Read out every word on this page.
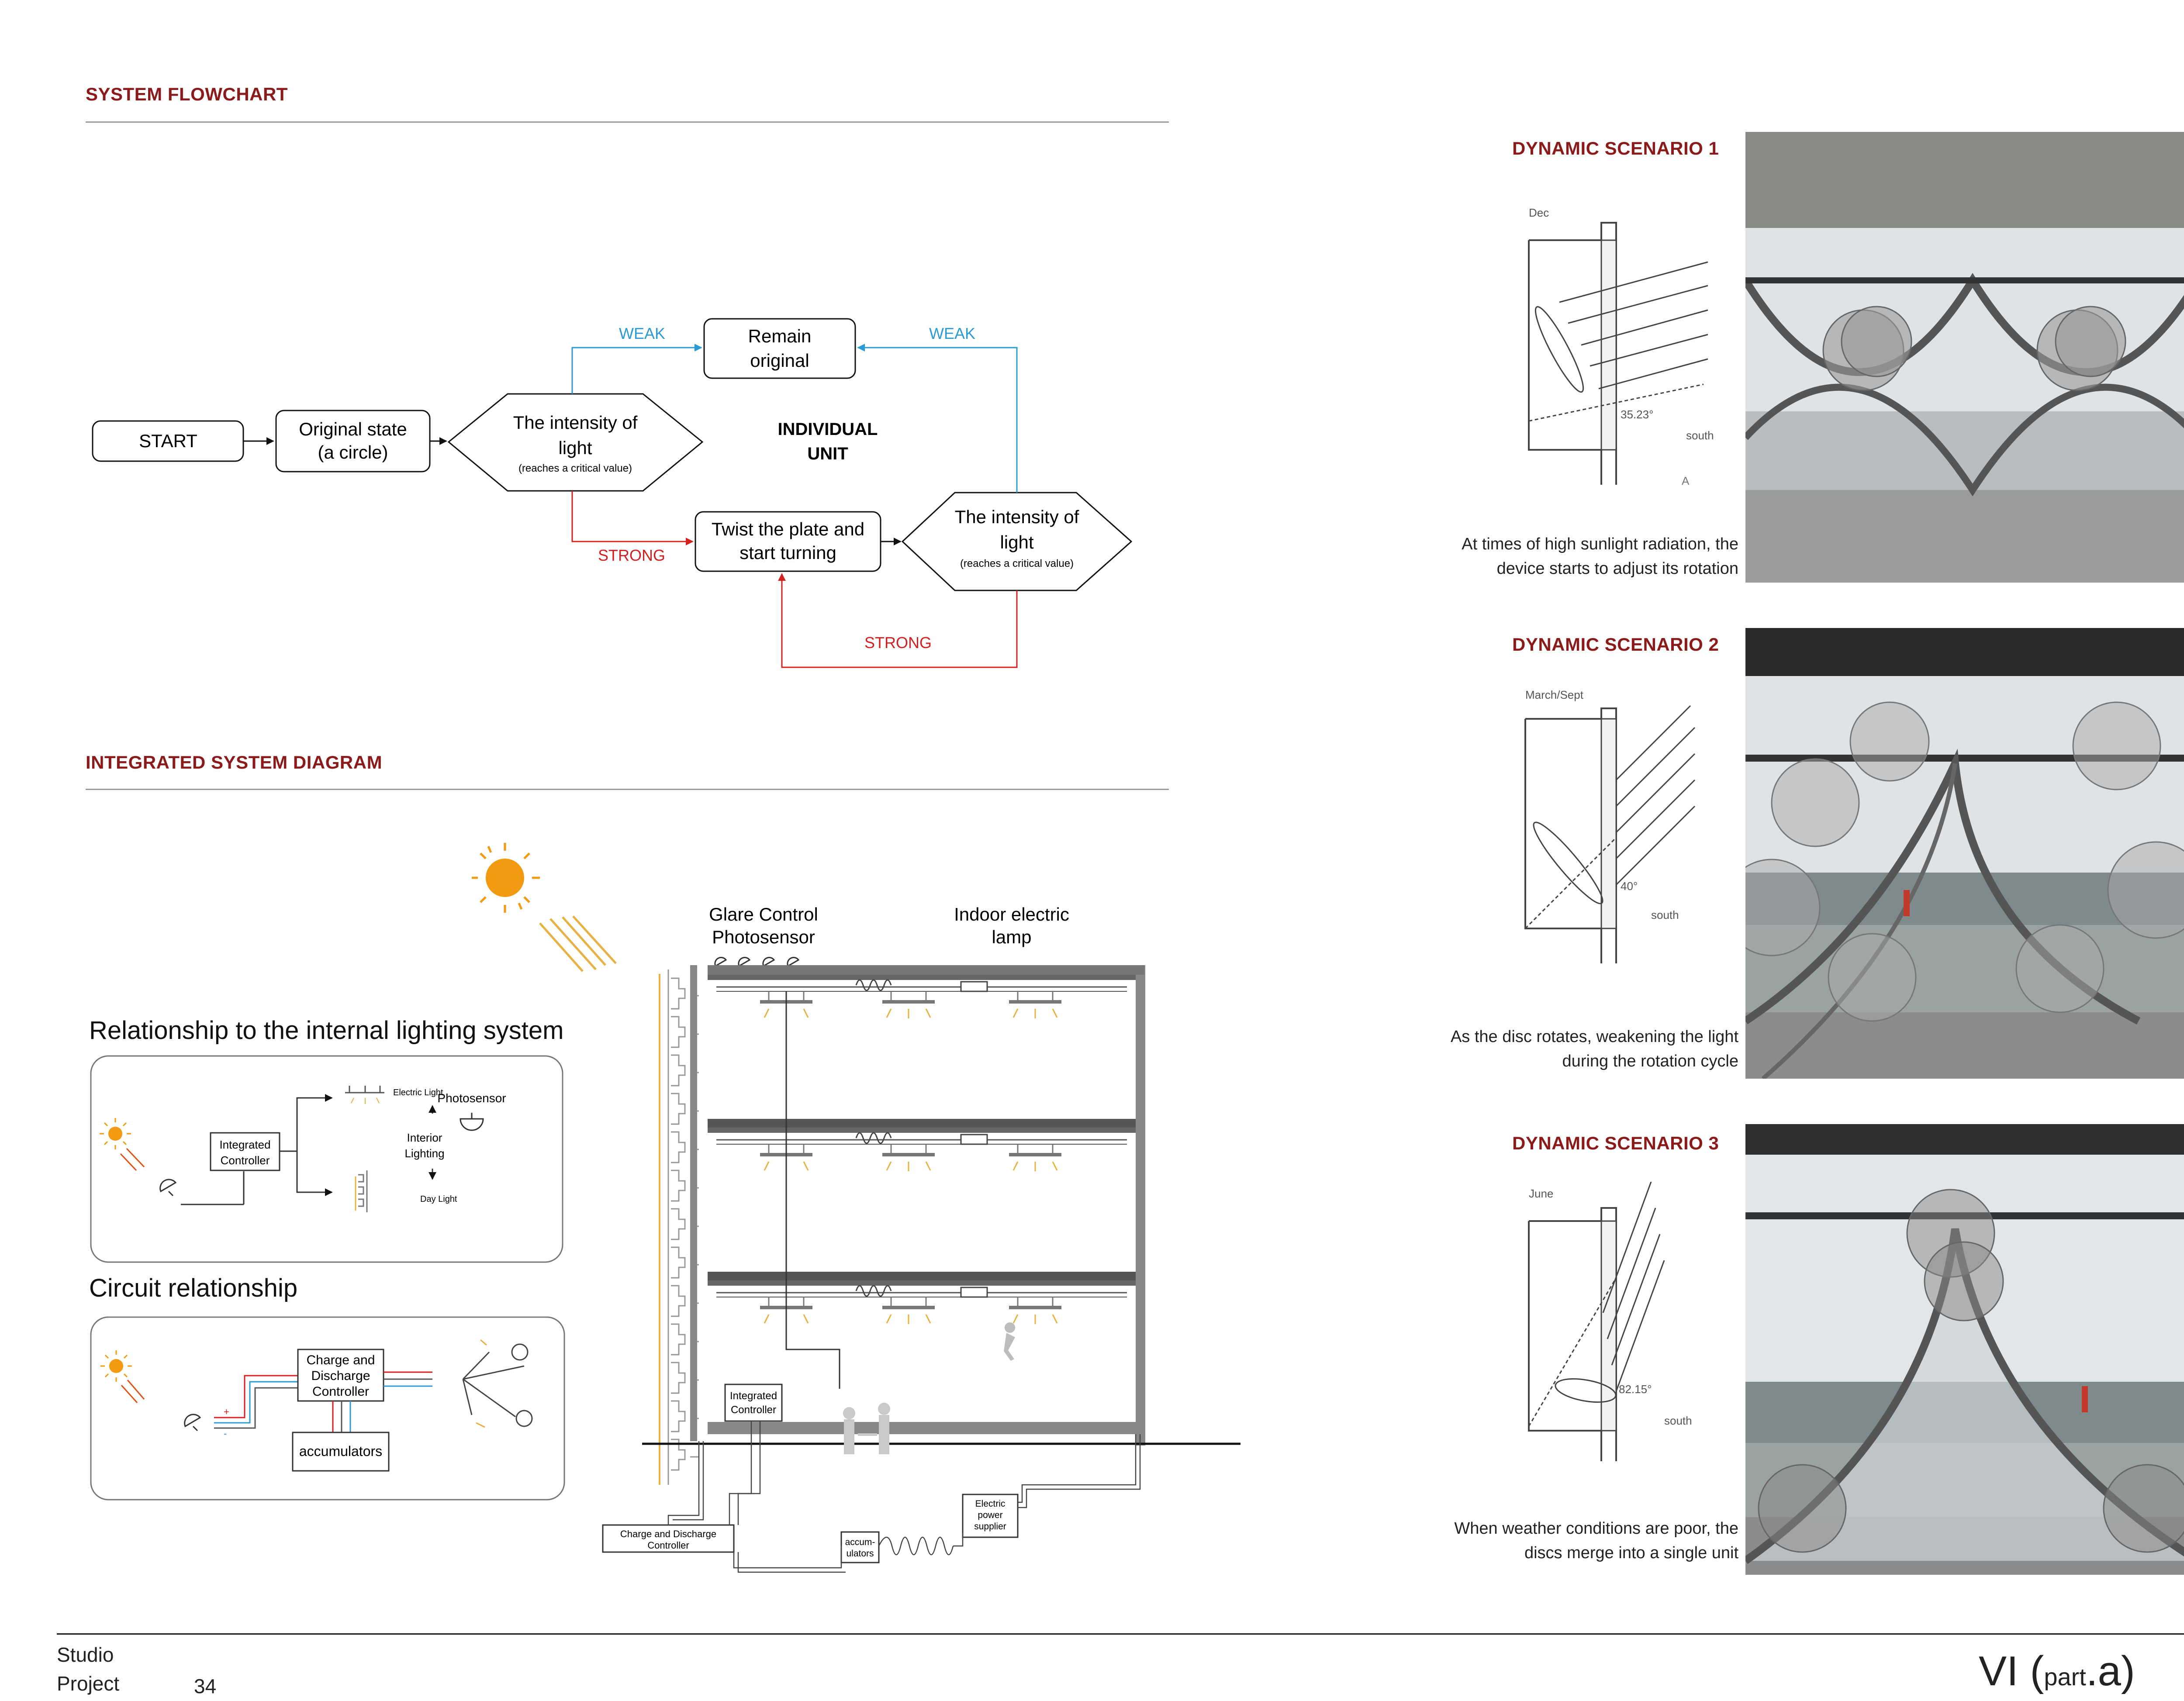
SYSTEM FLOWCHART
INTEGRATED SYSTEM DIAGRAM
START
Original state
(a circle)
The intensity of
light
(reaches a critical value)
Remain
original
INDIVIDUAL
UNIT
Twist the plate and
start turning
The intensity of
light
(reaches a critical value)
WEAK	WEAK
STRONG
STRONG
Relationship to the internal lighting system
Integrated
Controller
Electric Light
Photosensor
Interior
Lighting
Day Light
Circuit relationship
+
-
Charge and
Discharge
Controller
accumulators
Glare Control
Photosensor
Indoor electric
lamp
Integrated
Controller
Charge and Discharge
Controller	accum-
ulators
Electric
power
supplier
DYNAMIC SCENARIO 1
Dec
35.23°
south
A
At times of high sunlight radiation, the
device starts to adjust its rotation
DYNAMIC SCENARIO 2
March/Sept
40°
south
As the disc rotates, weakening the light
during the rotation cycle
DYNAMIC SCENARIO 3
June
82.15°
south
When weather conditions are poor, the
discs merge into a single unit
Studio
Project	34	VI (part.a)
